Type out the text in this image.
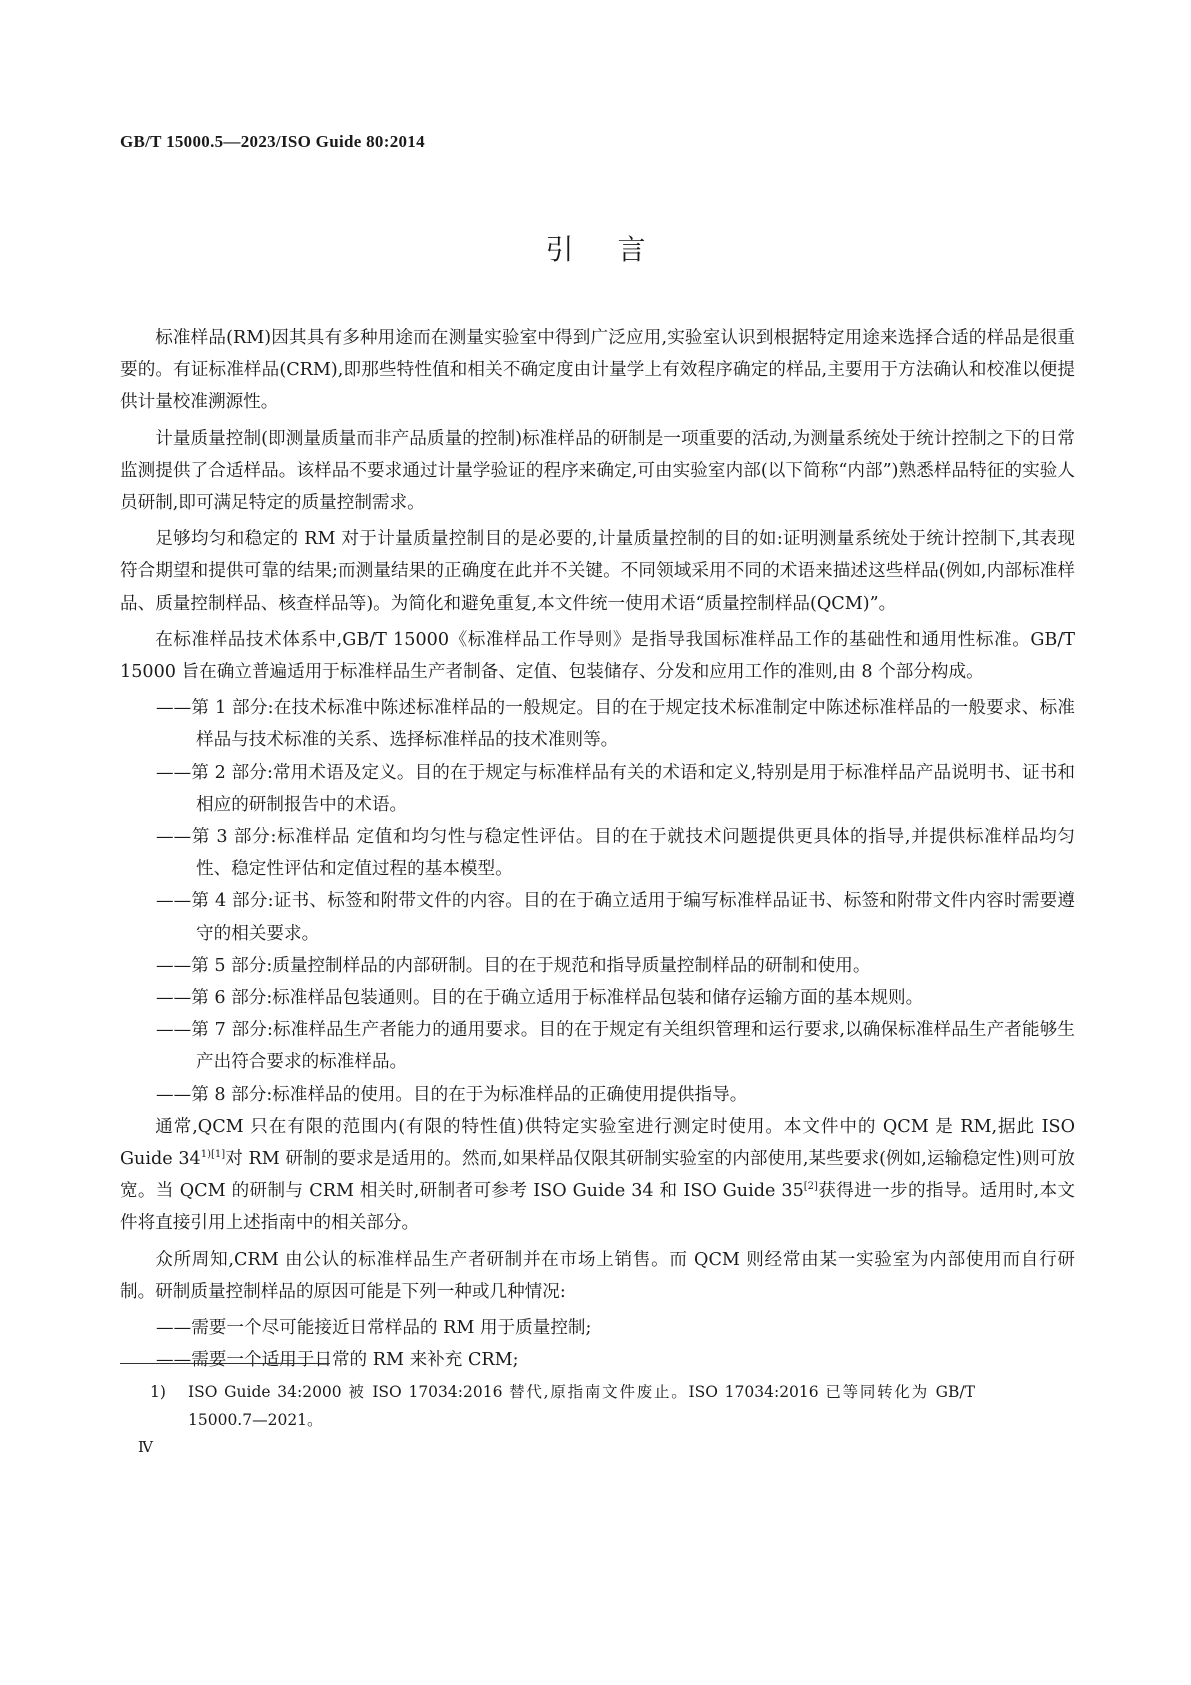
GB/T 15000.5—2023/ISO Guide 80:2014
引言

标准样品(RM)因其具有多种用途而在测量实验室中得到广泛应用,实验室认识到根据特定用途来选择合适的样品是很重要的。有证标准样品(CRM),即那些特性值和相关不确定度由计量学上有效程序确定的样品,主要用于方法确认和校准以便提供计量校准溯源性。

计量质量控制(即测量质量而非产品质量的控制)标准样品的研制是一项重要的活动,为测量系统处于统计控制之下的日常监测提供了合适样品。该样品不要求通过计量学验证的程序来确定,可由实验室内部(以下简称“内部”)熟悉样品特征的实验人员研制,即可满足特定的质量控制需求。

足够均匀和稳定的 RM 对于计量质量控制目的是必要的,计量质量控制的目的如:证明测量系统处于统计控制下,其表现符合期望和提供可靠的结果;而测量结果的正确度在此并不关键。不同领域采用不同的术语来描述这些样品(例如,内部标准样品、质量控制样品、核查样品等)。为简化和避免重复,本文件统一使用术语“质量控制样品(QCM)”。

在标准样品技术体系中,GB/T 15000《标准样品工作导则》是指导我国标准样品工作的基础性和通用性标准。GB/T 15000 旨在确立普遍适用于标准样品生产者制备、定值、包装储存、分发和应用工作的准则,由 8 个部分构成。

——第 1 部分:在技术标准中陈述标准样品的一般规定。目的在于规定技术标准制定中陈述标准样品的一般要求、标准样品与技术标准的关系、选择标准样品的技术准则等。

——第 2 部分:常用术语及定义。目的在于规定与标准样品有关的术语和定义,特别是用于标准样品产品说明书、证书和相应的研制报告中的术语。

——第 3 部分:标准样品 定值和均匀性与稳定性评估。目的在于就技术问题提供更具体的指导,并提供标准样品均匀性、稳定性评估和定值过程的基本模型。

——第 4 部分:证书、标签和附带文件的内容。目的在于确立适用于编写标准样品证书、标签和附带文件内容时需要遵守的相关要求。

——第 5 部分:质量控制样品的内部研制。目的在于规范和指导质量控制样品的研制和使用。

——第 6 部分:标准样品包装通则。目的在于确立适用于标准样品包装和储存运输方面的基本规则。

——第 7 部分:标准样品生产者能力的通用要求。目的在于规定有关组织管理和运行要求,以确保标准样品生产者能够生产出符合要求的标准样品。

——第 8 部分:标准样品的使用。目的在于为标准样品的正确使用提供指导。

通常,QCM 只在有限的范围内(有限的特性值)供特定实验室进行测定时使用。本文件中的 QCM 是 RM,据此 ISO Guide $34^{1)[1]}$对 RM 研制的要求是适用的。然而,如果样品仅限其研制实验室的内部使用,某些要求(例如,运输稳定性)则可放宽。当 QCM 的研制与 CRM 相关时,研制者可参考 ISO Guide 34 和 ISO Guide 35[2]获得进一步的指导。适用时,本文件将直接引用上述指南中的相关部分。

众所周知,CRM 由公认的标准样品生产者研制并在市场上销售。而 QCM 则经常由某一实验室为内部使用而自行研制。研制质量控制样品的原因可能是下列一种或几种情况:

——需要一个尽可能接近日常样品的 RM 用于质量控制;

——需要一个适用于日常的 RM 来补充 CRM;

1) ISO Guide 34:2000 被 ISO 17034:2016 替代,原指南文件废止。ISO 17034:2016 已等同转化为 GB/T 15000.7—2021。
Ⅳ
